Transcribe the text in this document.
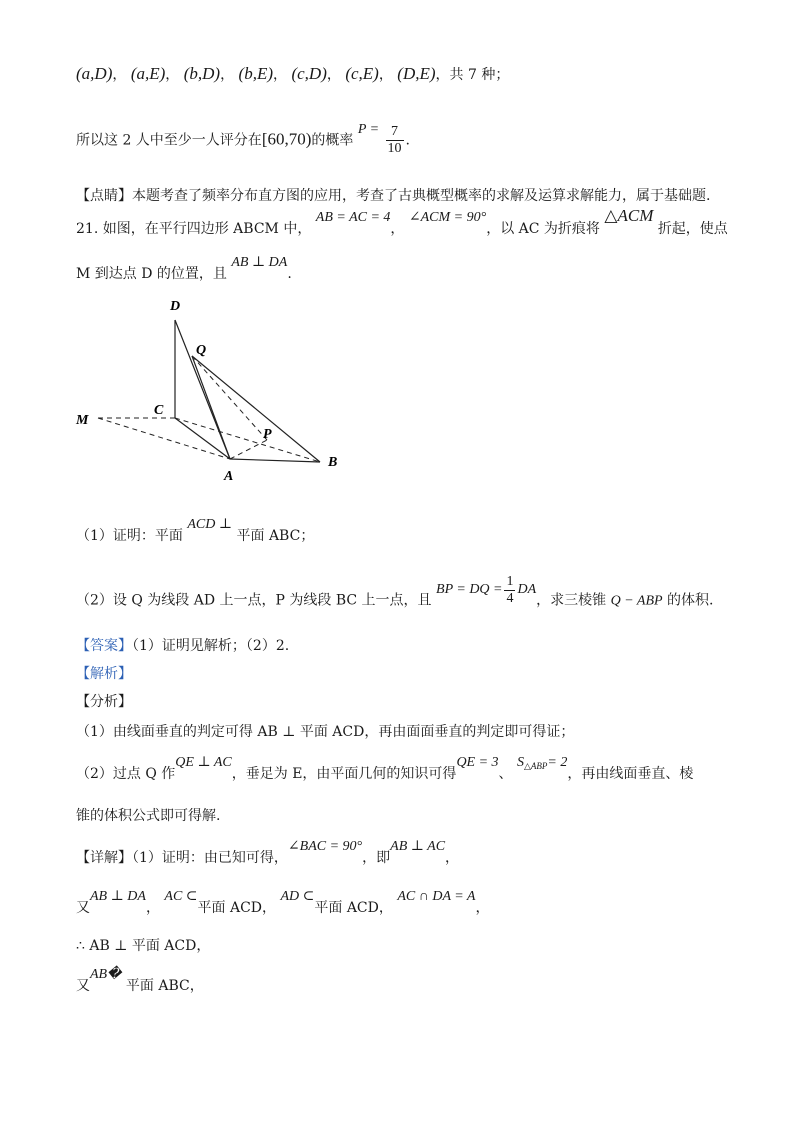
(a,D)， (a,E)， (b,D)， (b,E)， (c,D)， (c,E)， (D,E)，共 7 种；
所以这 2 人中至少一人评分在[60,70)的概率 $P = \frac{7}{10}$ .
【点睛】本题考查了频率分布直方图的应用，考查了古典概型概率的求解及运算求解能力，属于基础题.
21. 如图，在平行四边形 ABCM 中， AB = AC = 4， ∠ACM = 90°，以 AC 为折痕将 △ACM 折起，使点
M 到达点 D 的位置，且 AB ⊥ DA.
D
Q
C
M
P
A
B
（1）证明：平面 ACD ⊥ 平面 ABC；
（2）设 Q 为线段 AD 上一点，P 为线段 BC 上一点，且 BP = DQ = $\frac{1}{4}$ DA，求三棱锥 Q − ABP 的体积.
【答案】（1）证明见解析；（2）2.
【解析】
【分析】
（1）由线面垂直的判定可得 AB ⊥ 平面 ACD，再由面面垂直的判定即可得证；
（2）过点 Q 作QE ⊥ AC，垂足为 E，由平面几何的知识可得QE = 3、 $S^{\triangle ABP}= 2$，再由线面垂直、棱
锥的体积公式即可得解.
【详解】（1）证明：由已知可得，∠BAC = 90°，即AB ⊥ AC，
又AB ⊥ DA， AC ⊂平面 ACD， AD ⊂平面 ACD， AC ∩ DA = A，
∴ AB ⊥ 平面 ACD，
又AB� 平面 ABC，
